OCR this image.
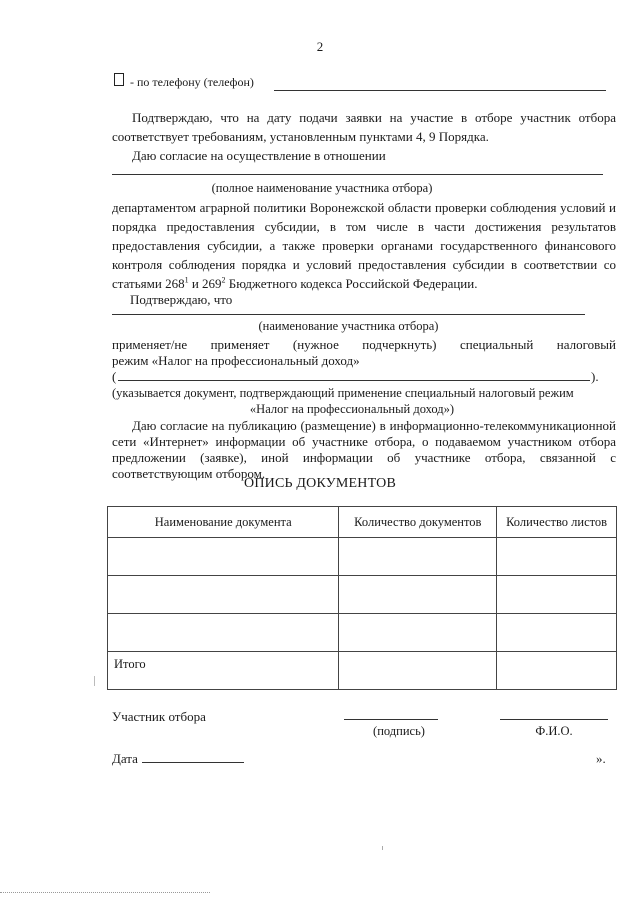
2
- по телефону (телефон)
Подтверждаю, что на дату подачи заявки на участие в отборе участник отбора соответствует требованиям, установленным пунктами 4, 9 Порядка.
Даю согласие на осуществление в отношении
(полное наименование участника отбора)
департаментом аграрной политики Воронежской области проверки соблюдения условий и порядка предоставления субсидии, в том числе в части достижения результатов предоставления субсидии, а также проверки органами государственного финансового контроля соблюдения порядка и условий предоставления субсидии в соответствии со статьями $268^1$ и $269^2$ Бюджетного кодекса Российской Федерации.
Подтверждаю, что
(наименование участника отбора)
применяет/не применяет (нужное подчеркнуть) специальный налоговый
режим «Налог на профессиональный доход»
(	).
(указывается документ, подтверждающий применение специальный налоговый режим
«Налог на профессиональный доход»)
Даю согласие на публикацию (размещение) в информационно-телекоммуникационной сети «Интернет» информации об участнике отбора, о подаваемом участником отбора предложении (заявке), иной информации об участнике отбора, связанной с соответствующим отбором.
ОПИСЬ ДОКУМЕНТОВ
Наименование документа	Количество документов	Количество листов

Итого		
Участник отбора
(подпись)	Ф.И.О.
Дата	».
